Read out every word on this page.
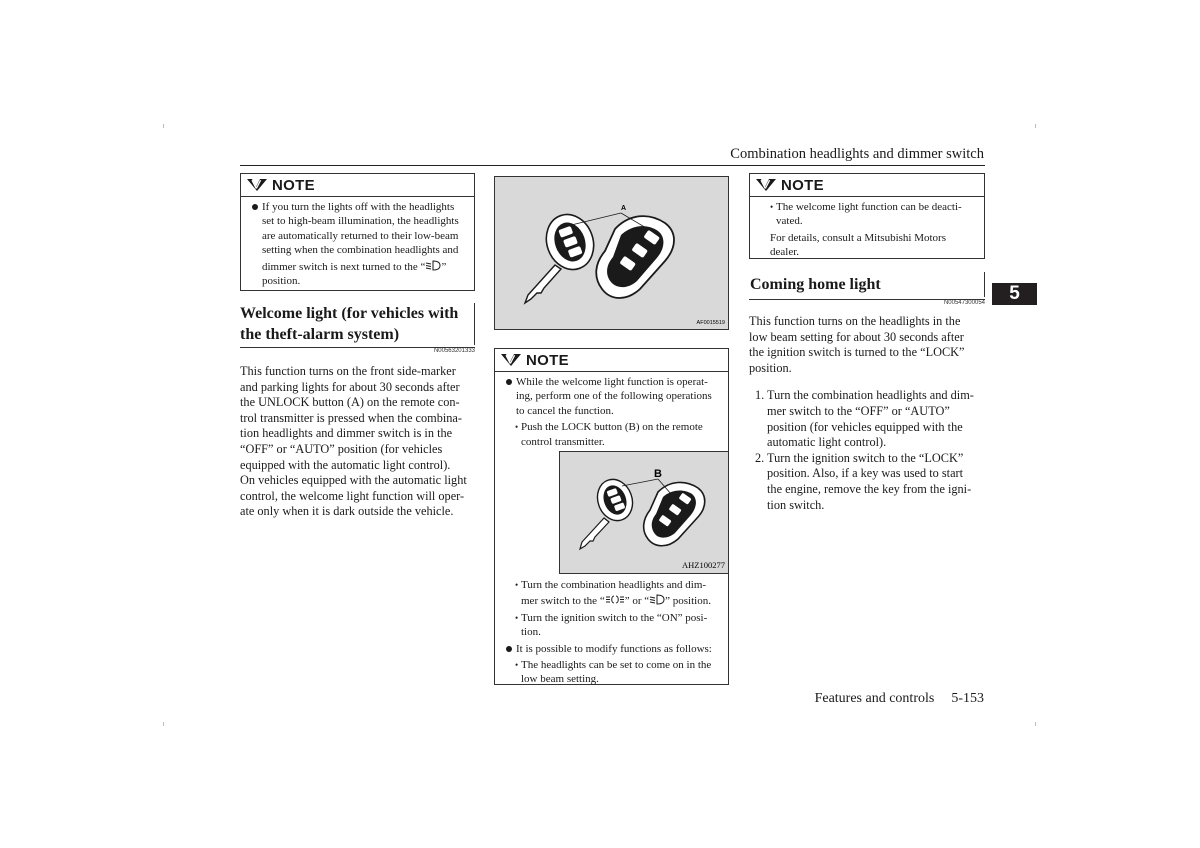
Combination headlights and dimmer switch
5
NOTE
If you turn the lights off with the headlights
set to high-beam illumination, the headlights
are automatically returned to their low-beam
setting when the combination headlights and
dimmer switch is next turned to the “ ”
position.
Welcome light (for vehicles with
the theft-alarm system)
N00563201333
This function turns on the front side-marker
and parking lights for about 30 seconds after
the UNLOCK button (A) on the remote con-
trol transmitter is pressed when the combina-
tion headlights and dimmer switch is in the
“OFF” or “AUTO” position (for vehicles
equipped with the automatic light control).
On vehicles equipped with the automatic light
control, the welcome light function will oper-
ate only when it is dark outside the vehicle.
A
AF0015519
NOTE
While the welcome light function is operat-
ing, perform one of the following operations
to cancel the function.
• Push the LOCK button (B) on the remote
control transmitter.
B
AHZ100277
• Turn the combination headlights and dim-
mer switch to the “ ” or “ ” position.
• Turn the ignition switch to the “ON” posi-
tion.
It is possible to modify functions as follows:
• The headlights can be set to come on in the
low beam setting.
NOTE
• The welcome light function can be deacti-
vated.
For details, consult a Mitsubishi Motors
dealer.
Coming home light
N00547300054
This function turns on the headlights in the
low beam setting for about 30 seconds after
the ignition switch is turned to the “LOCK”
position.
1. Turn the combination headlights and dim-
mer switch to the “OFF” or “AUTO”
position (for vehicles equipped with the
automatic light control).
2. Turn the ignition switch to the “LOCK”
position. Also, if a key was used to start
the engine, remove the key from the igni-
tion switch.
Features and controls 5-153
